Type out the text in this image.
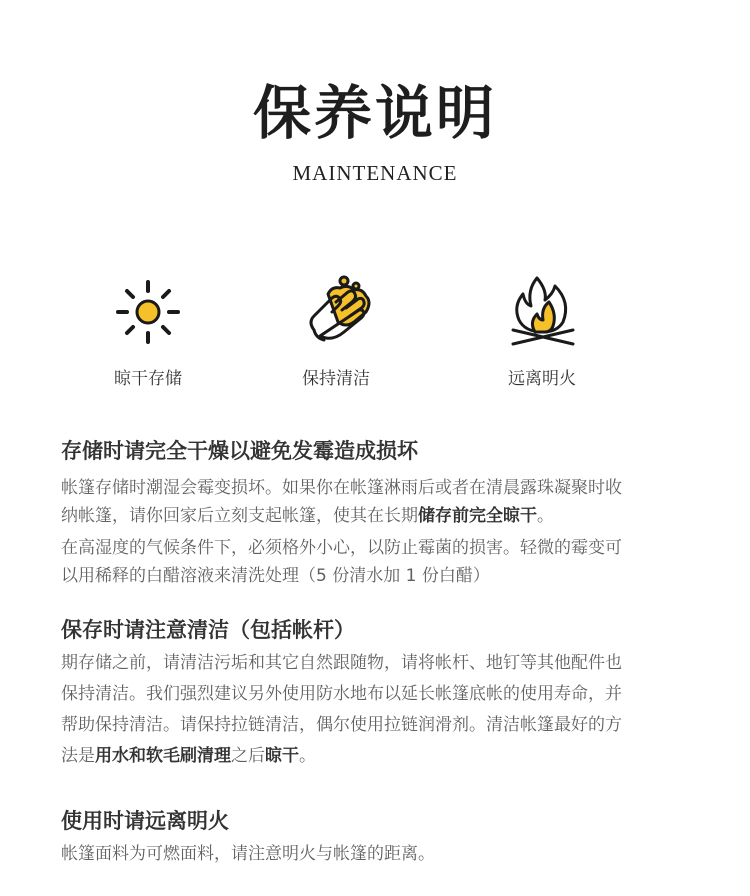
保养说明
MAINTENANCE
晾干存储	保持清洁	远离明火
存储时请完全干燥以避免发霉造成损坏
帐篷存储时潮湿会霉变损坏。如果你在帐篷淋雨后或者在清晨露珠凝聚时收
纳帐篷，请你回家后立刻支起帐篷，使其在长期储存前完全晾干。
在高湿度的气候条件下，必须格外小心，以防止霉菌的损害。轻微的霉变可
以用稀释的白醋溶液来清洗处理（5 份清水加 1 份白醋）
保存时请注意清洁（包括帐杆）
期存储之前，请清洁污垢和其它自然跟随物，请将帐杆、地钉等其他配件也
保持清洁。我们强烈建议另外使用防水地布以延长帐篷底帐的使用寿命，并
帮助保持清洁。请保持拉链清洁，偶尔使用拉链润滑剂。清洁帐篷最好的方
法是用水和软毛刷清理之后晾干。
使用时请远离明火
帐篷面料为可燃面料，请注意明火与帐篷的距离。
